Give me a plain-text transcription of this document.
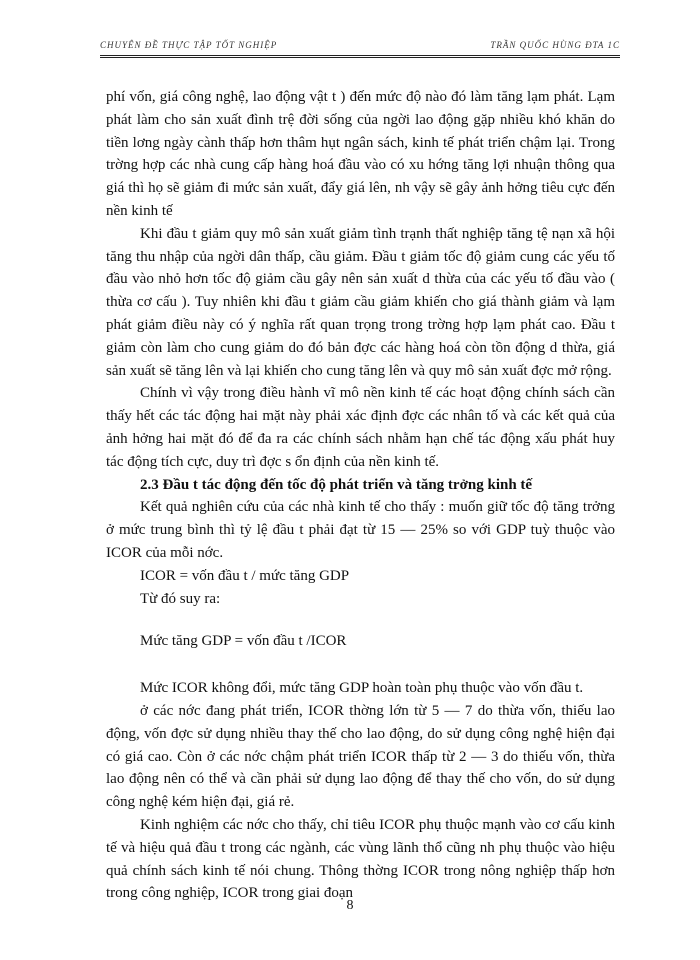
CHUYÊN ĐỀ THỰC TẬP TỐT NGHIỆP	TRẦN QUỐC HÙNG ĐTA 1C

phí vốn, giá công nghệ, lao động vật t ) đến mức độ nào đó làm tăng lạm phát. Lạm phát làm cho sản xuất đình trệ đời sống của ngời lao động gặp nhiều khó khăn do tiền lơng ngày cành thấp hơn thâm hụt ngân sách, kinh tế phát triển chậm lại. Trong trờng hợp các nhà cung cấp hàng hoá đầu vào có xu hớng tăng lợi nhuận thông qua giá thì họ sẽ giảm đi mức sản xuất, đẩy giá lên, nh vậy sẽ gây ảnh hởng tiêu cực đến nền kinh tế

Khi đầu t giảm quy mô sản xuất giảm tình trạnh thất nghiệp tăng tệ nạn xã hội tăng thu nhập của ngời dân thấp, cầu giảm. Đầu t giảm tốc độ giảm cung các yếu tố đầu vào nhỏ hơn tốc độ giảm cầu gây nên sản xuất d thừa của các yếu tố đầu vào ( thừa cơ cấu ). Tuy nhiên khi đầu t giảm cầu giảm khiến cho giá thành giảm và lạm phát giảm điều này có ý nghĩa rất quan trọng trong trờng hợp lạm phát cao. Đầu t giảm còn làm cho cung giảm do đó bản đợc các hàng hoá còn tồn động d thừa, giá sản xuất sẽ tăng lên và lại khiến cho cung tăng lên và quy mô sản xuất đợc mở rộng.

Chính vì vậy trong điều hành vĩ mô nền kinh tế các hoạt động chính sách cần thấy hết các tác động hai mặt này phải xác định đợc các nhân tố và các kết quả của ảnh hởng hai mặt đó để đa ra các chính sách nhằm hạn chế tác động xấu phát huy tác động tích cực, duy trì đợc s ổn định của nền kinh tế.

2.3 Đầu t tác động đến tốc độ phát triển và tăng trởng kinh tế

Kết quả nghiên cứu của các nhà kinh tế cho thấy : muốn giữ tốc độ tăng trởng ở mức trung bình thì tỷ lệ đầu t phải đạt từ 15 — 25% so với GDP tuỳ thuộc vào ICOR của mỗi nớc.

ICOR = vốn đầu t / mức tăng GDP

Từ đó suy ra:

Mức tăng GDP = vốn đầu t /ICOR

Mức ICOR không đổi, mức tăng GDP hoàn toàn phụ thuộc vào vốn đầu t.

ở các nớc đang phát triển, ICOR thờng lớn từ 5 — 7 do thừa vốn, thiếu lao động, vốn đợc sử dụng nhiều thay thế cho lao động, do sử dụng công nghệ hiện đại có giá cao. Còn ở các nớc chậm phát triển ICOR thấp từ 2 — 3 do thiếu vốn, thừa lao động nên có thể và cần phải sử dụng lao động để thay thế cho vốn, do sử dụng công nghệ kém hiện đại, giá rẻ.

Kinh nghiệm các nớc cho thấy, chỉ tiêu ICOR phụ thuộc mạnh vào cơ cấu kinh tế và hiệu quả đầu t trong các ngành, các vùng lãnh thổ cũng nh phụ thuộc vào hiệu quả chính sách kinh tế nói chung. Thông thờng ICOR trong nông nghiệp thấp hơn trong công nghiệp, ICOR trong giai đoạn

8
